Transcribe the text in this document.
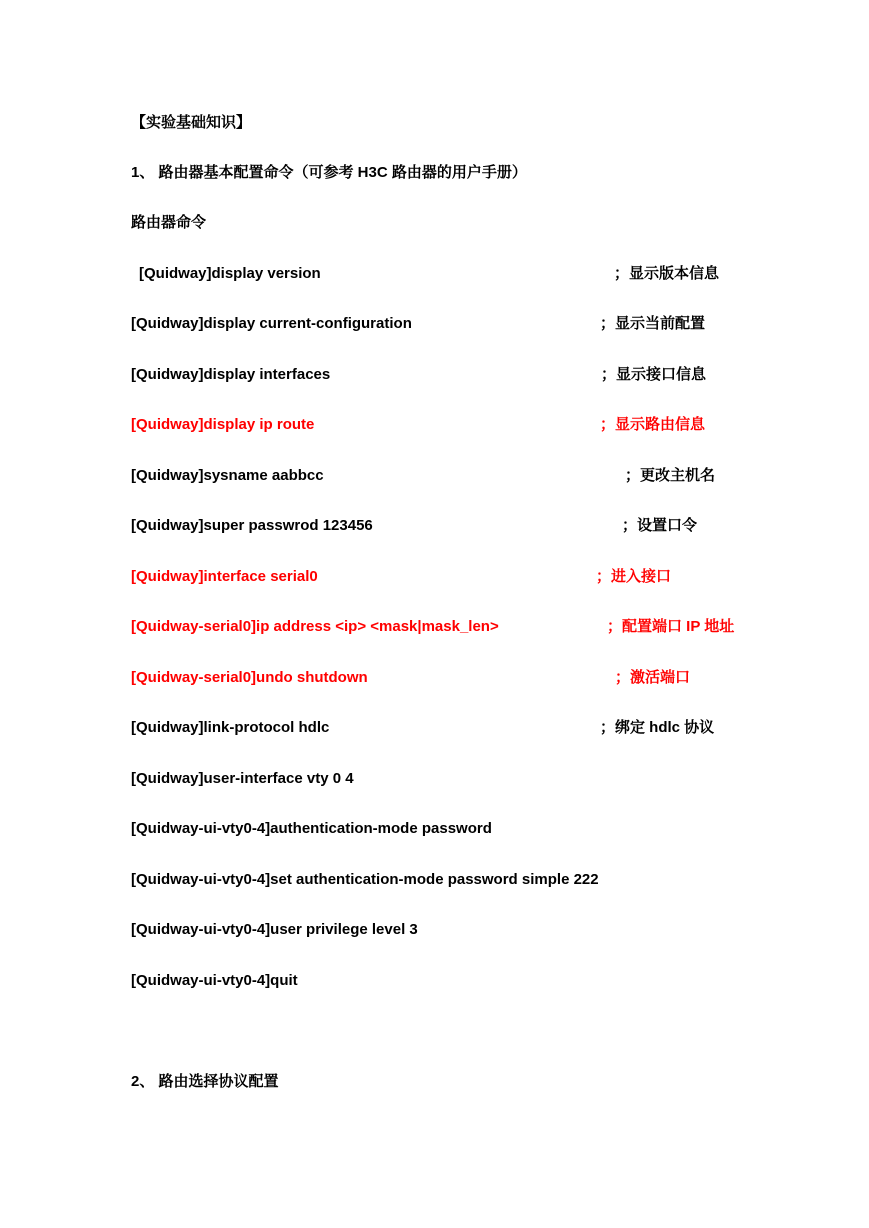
【实验基础知识】
1、 路由器基本配置命令（可参考 H3C 路由器的用户手册）
路由器命令
[Quidway]display version	；显示版本信息
[Quidway]display current-configuration	；显示当前配置
[Quidway]display interfaces	；显示接口信息
[Quidway]display ip route	；显示路由信息
[Quidway]sysname aabbcc	；更改主机名
[Quidway]super passwrod 123456	；设置口令
[Quidway]interface serial0	；进入接口
[Quidway-serial0]ip address <ip> <mask|mask_len>	；配置端口 IP 地址
[Quidway-serial0]undo shutdown	；激活端口
[Quidway]link-protocol hdlc	；绑定 hdlc 协议
[Quidway]user-interface vty 0 4
[Quidway-ui-vty0-4]authentication-mode password
[Quidway-ui-vty0-4]set authentication-mode password simple 222
[Quidway-ui-vty0-4]user privilege level 3
[Quidway-ui-vty0-4]quit
2、 路由选择协议配置
